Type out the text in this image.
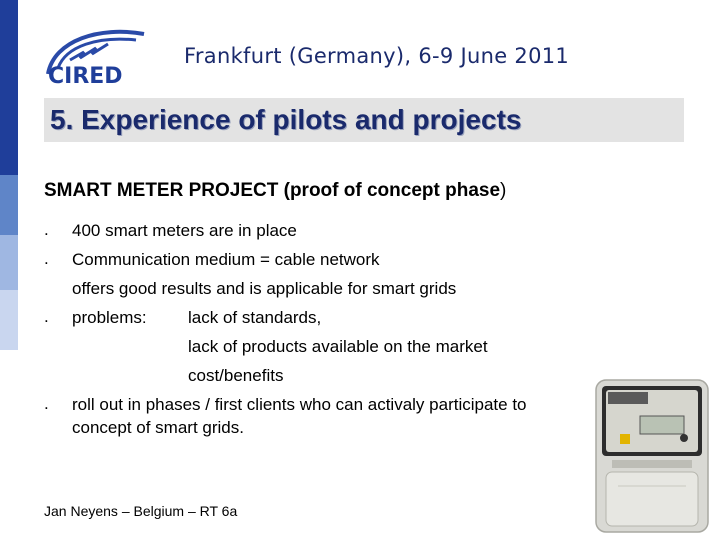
CIRED
Frankfurt (Germany), 6-9 June 2011
5. Experience of pilots and projects
SMART METER PROJECT (proof of concept phase)
.
.
.
.
400 smart meters are in place
Communication medium = cable network
offers good results and is applicable for smart grids
problems: lack of standards,
lack of products available on the market
cost/benefits
roll out in phases / first clients who can activaly participate to
concept of smart grids.
Jan Neyens – Belgium – RT 6a
